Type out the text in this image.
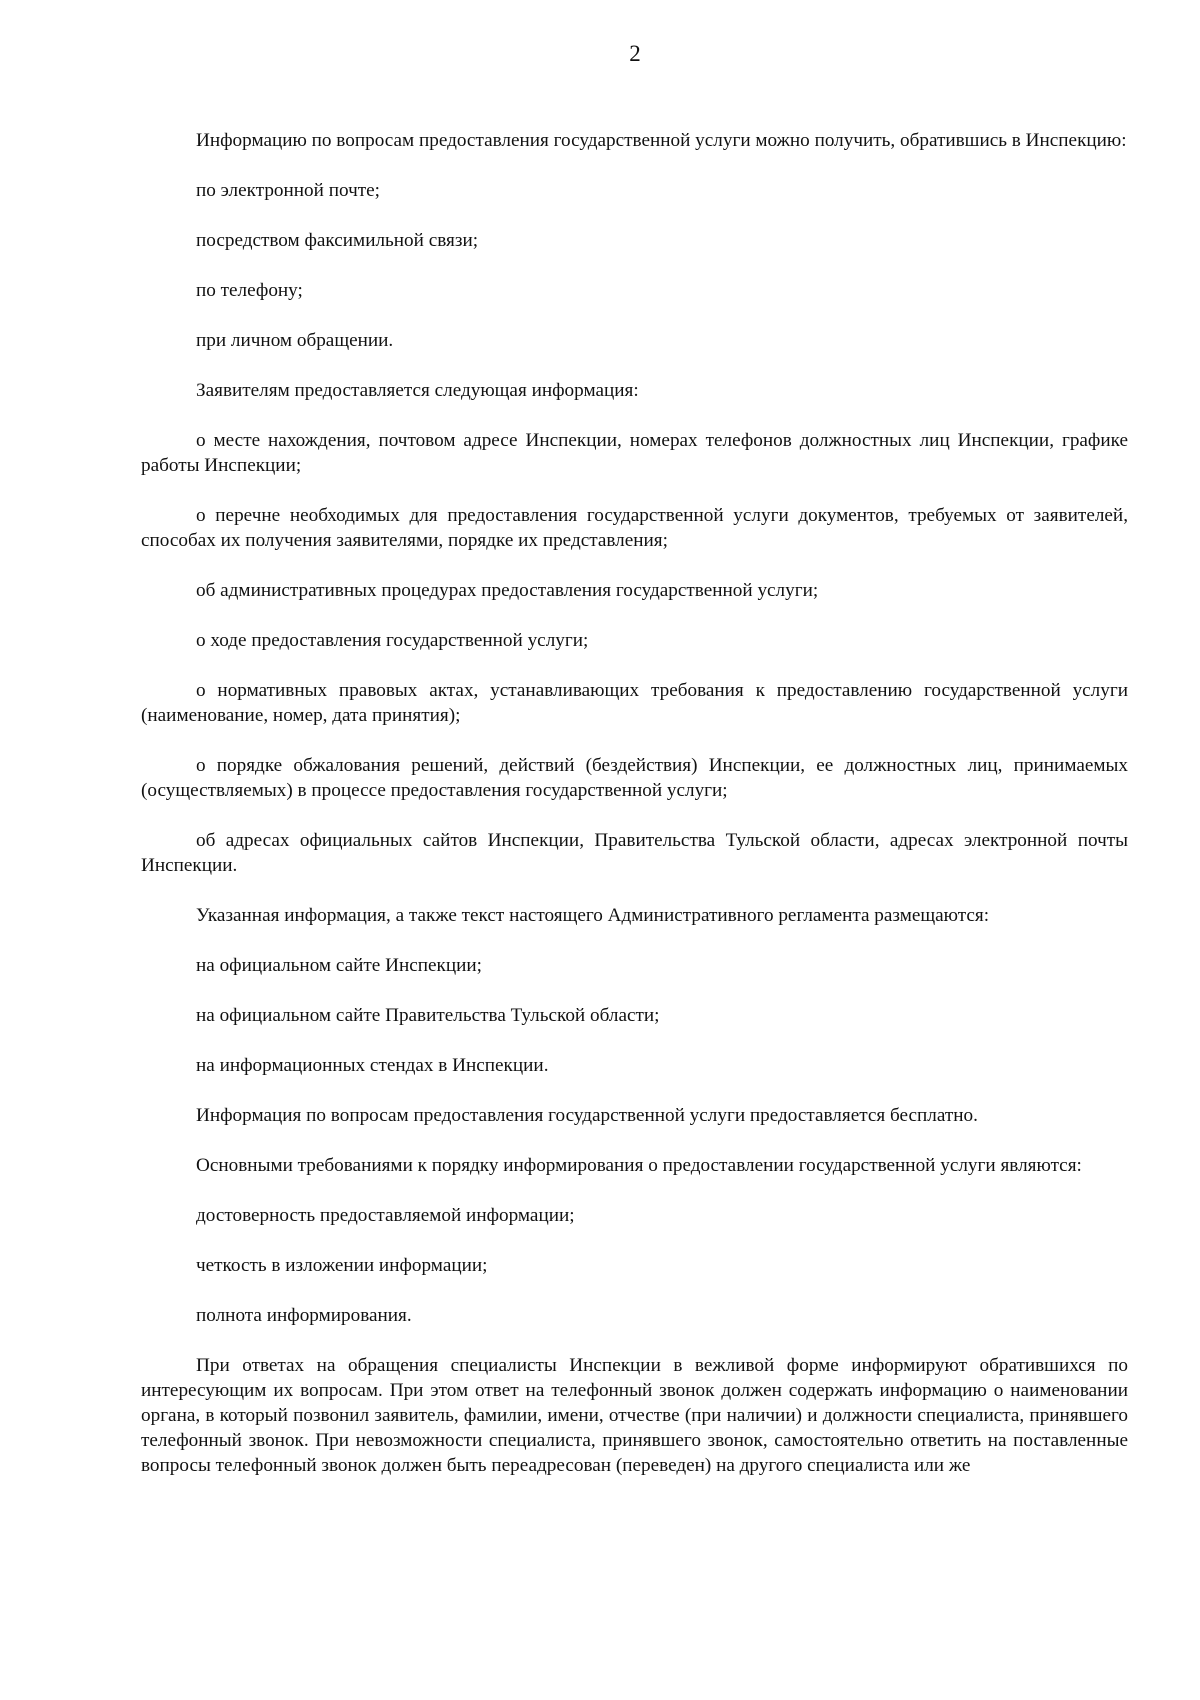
2

Информацию по вопросам предоставления государственной услуги можно получить, обратившись в Инспекцию:

по электронной почте;

посредством факсимильной связи;

по телефону;

при личном обращении.

Заявителям предоставляется следующая информация:

о месте нахождения, почтовом адресе Инспекции, номерах телефонов должностных лиц Инспекции, графике работы Инспекции;

о перечне необходимых для предоставления государственной услуги документов, требуемых от заявителей, способах их получения заявителями, порядке их представления;

об административных процедурах предоставления государственной услуги;

о ходе предоставления государственной услуги;

о нормативных правовых актах, устанавливающих требования к предоставлению государственной услуги (наименование, номер, дата принятия);

о порядке обжалования решений, действий (бездействия) Инспекции, ее должностных лиц, принимаемых (осуществляемых) в процессе предоставления государственной услуги;

об адресах официальных сайтов Инспекции, Правительства Тульской области, адресах электронной почты Инспекции.

Указанная информация, а также текст настоящего Административного регламента размещаются:

на официальном сайте Инспекции;

на официальном сайте Правительства Тульской области;

на информационных стендах в Инспекции.

Информация по вопросам предоставления государственной услуги предоставляется бесплатно.

Основными требованиями к порядку информирования о предоставлении государственной услуги являются:

достоверность предоставляемой информации;

четкость в изложении информации;

полнота информирования.

При ответах на обращения специалисты Инспекции в вежливой форме информируют обратившихся по интересующим их вопросам. При этом ответ на телефонный звонок должен содержать информацию о наименовании органа, в который позвонил заявитель, фамилии, имени, отчестве (при наличии) и должности специалиста, принявшего телефонный звонок. При невозможности специалиста, принявшего звонок, самостоятельно ответить на поставленные вопросы телефонный звонок должен быть переадресован (переведен) на другого специалиста или же
